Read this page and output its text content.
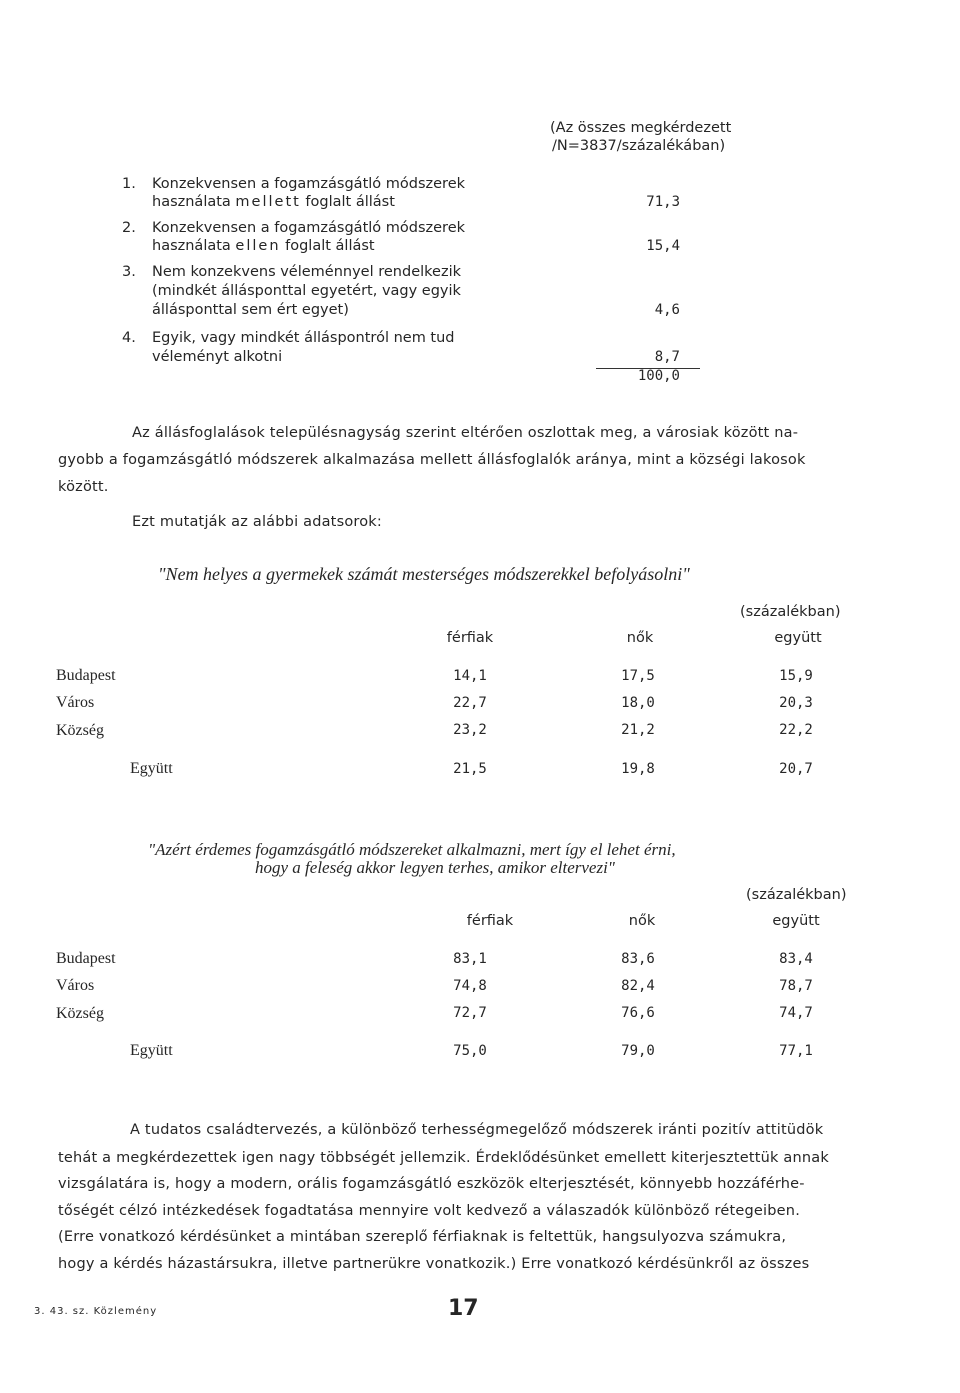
(Az összes megkérdezett
/N=3837/százalékában)
1. Konzekvensen a fogamzásgátló módszerek
használata mellett foglalt állást	71,3
2. Konzekvensen a fogamzásgátló módszerek
használata ellen foglalt állást	15,4
3. Nem konzekvens véleménnyel rendelkezik
(mindkét állásponttal egyetért, vagy egyik
állásponttal sem ért egyet)	4,6
4. Egyik, vagy mindkét álláspontról nem tud
véleményt alkotni	8,7
100,0
Az állásfoglalások településnagyság szerint eltérően oszlottak meg, a városiak között na-
gyobb a fogamzásgátló módszerek alkalmazása mellett állásfoglalók aránya, mint a községi lakosok
között.
Ezt mutatják az alábbi adatsorok:
"Nem helyes a gyermekek számát mesterséges módszerekkel befolyásolni"
(százalékban)
férfiak	nők	együtt
Budapest	14,1	17,5	15,9
Város	22,7	18,0	20,3
Község	23,2	21,2	22,2
Együtt	21,5	19,8	20,7
"Azért érdemes fogamzásgátló módszereket alkalmazni, mert így el lehet érni,
hogy a feleség akkor legyen terhes, amikor eltervezi"
(százalékban)
férfiak	nők	együtt
Budapest	83,1	83,6	83,4
Város	74,8	82,4	78,7
Község	72,7	76,6	74,7
Együtt	75,0	79,0	77,1
A tudatos családtervezés, a különböző terhességmegelőző módszerek iránti pozitív attitüdök
tehát a megkérdezettek igen nagy többségét jellemzik. Érdeklődésünket emellett kiterjesztettük annak
vizsgálatára is, hogy a modern, orális fogamzásgátló eszközök elterjesztését, könnyebb hozzáférhe-
tőségét célzó intézkedések fogadtatása mennyire volt kedvező a válaszadók különböző rétegeiben.
(Erre vonatkozó kérdésünket a mintában szereplő férfiaknak is feltettük, hangsulyozva számukra,
hogy a kérdés házastársukra, illetve partnerükre vonatkozik.) Erre vonatkozó kérdésünkről az összes
3. 43. sz. Közlemény	17
